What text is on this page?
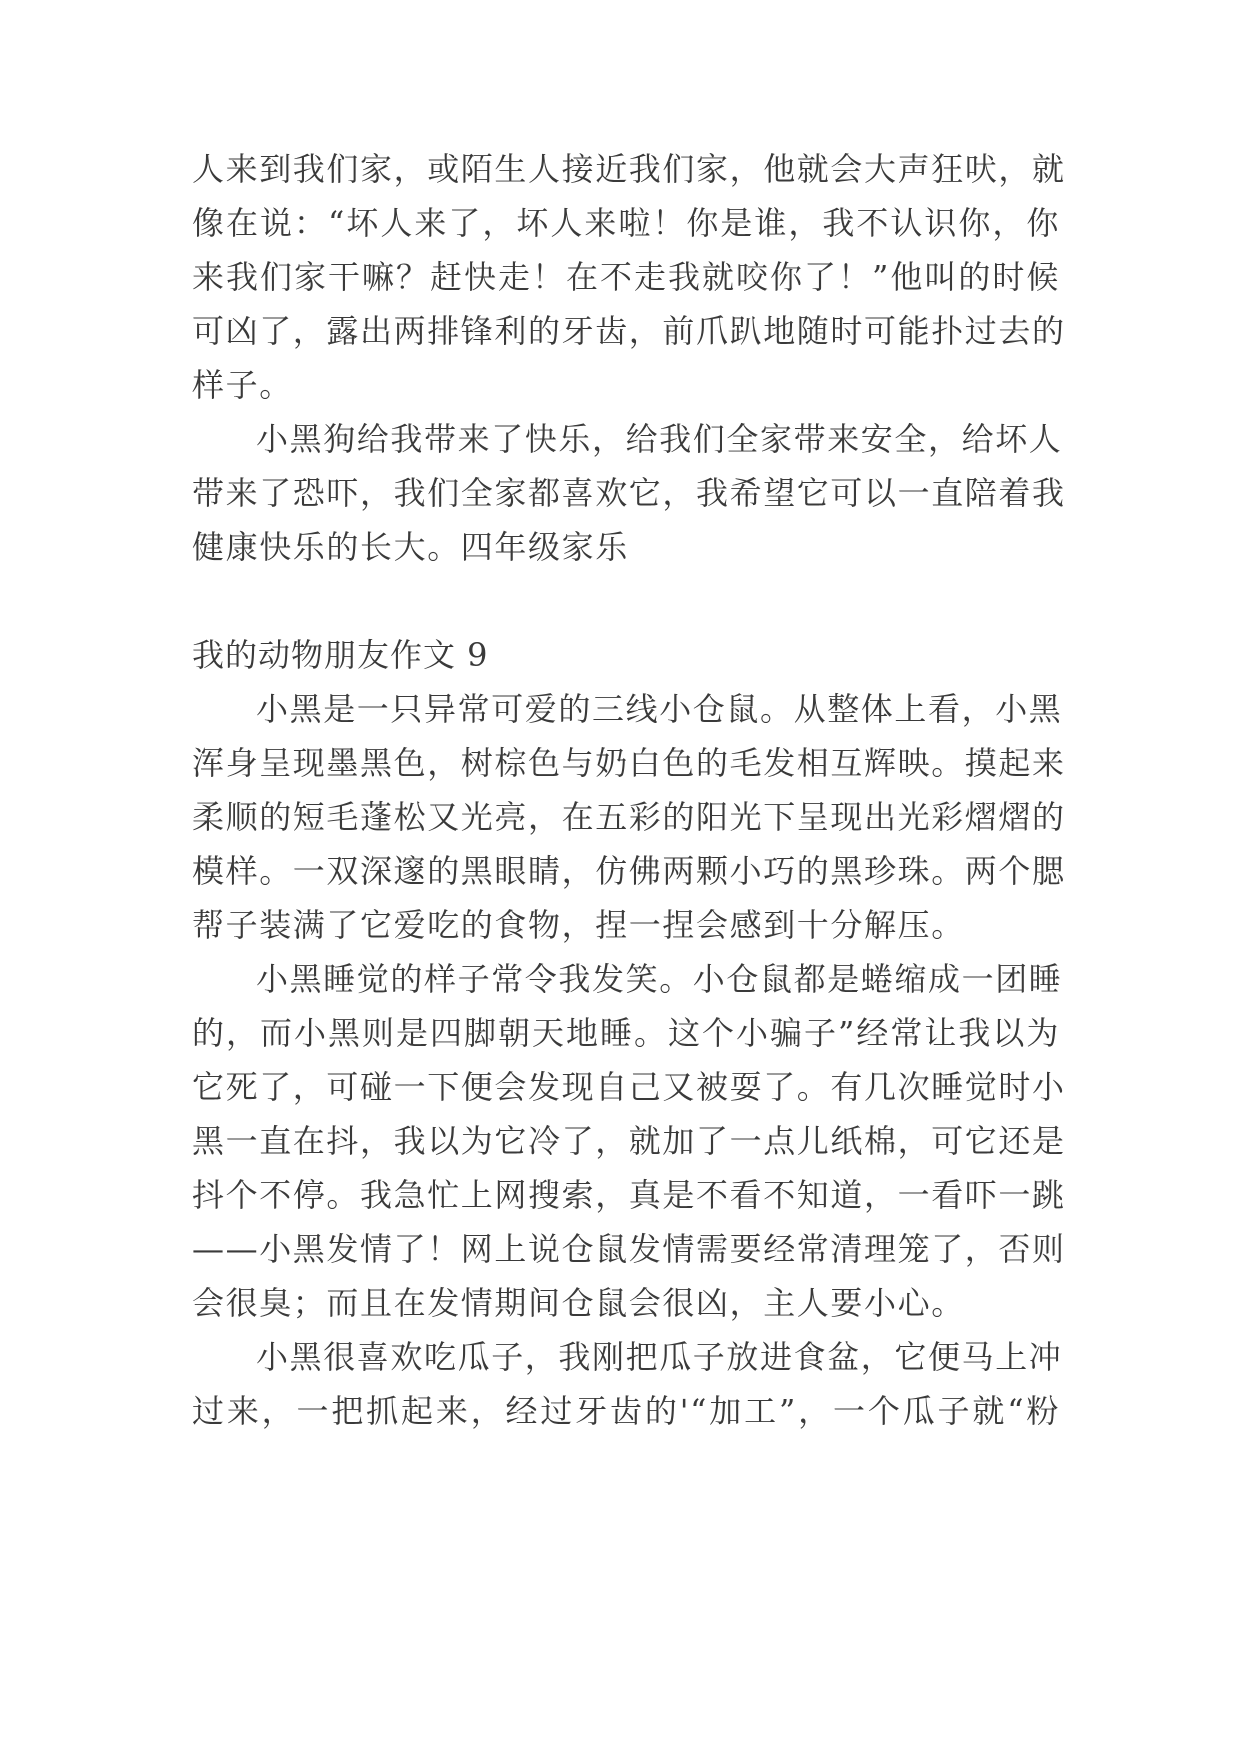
人来到我们家，或陌生人接近我们家，他就会大声狂吠，就
像在说：“坏人来了，坏人来啦！你是谁，我不认识你，你
来我们家干嘛？赶快走！在不走我就咬你了！”他叫的时候
可凶了，露出两排锋利的牙齿，前爪趴地随时可能扑过去的
样子。
小黑狗给我带来了快乐，给我们全家带来安全，给坏人
带来了恐吓，我们全家都喜欢它，我希望它可以一直陪着我
健康快乐的长大。四年级家乐
我的动物朋友作文 9
小黑是一只异常可爱的三线小仓鼠。从整体上看，小黑
浑身呈现墨黑色，树棕色与奶白色的毛发相互辉映。摸起来
柔顺的短毛蓬松又光亮，在五彩的阳光下呈现出光彩熠熠的
模样。一双深邃的黑眼睛，仿佛两颗小巧的黑珍珠。两个腮
帮子装满了它爱吃的食物，捏一捏会感到十分解压。
小黑睡觉的样子常令我发笑。小仓鼠都是蜷缩成一团睡
的，而小黑则是四脚朝天地睡。这个小骗子”经常让我以为
它死了，可碰一下便会发现自己又被耍了。有几次睡觉时小
黑一直在抖，我以为它冷了，就加了一点儿纸棉，可它还是
抖个不停。我急忙上网搜索，真是不看不知道，一看吓一跳
——小黑发情了！网上说仓鼠发情需要经常清理笼了，否则
会很臭；而且在发情期间仓鼠会很凶，主人要小心。
小黑很喜欢吃瓜子，我刚把瓜子放进食盆，它便马上冲
过来，一把抓起来，经过牙齿的'“加工”，一个瓜子就“粉
